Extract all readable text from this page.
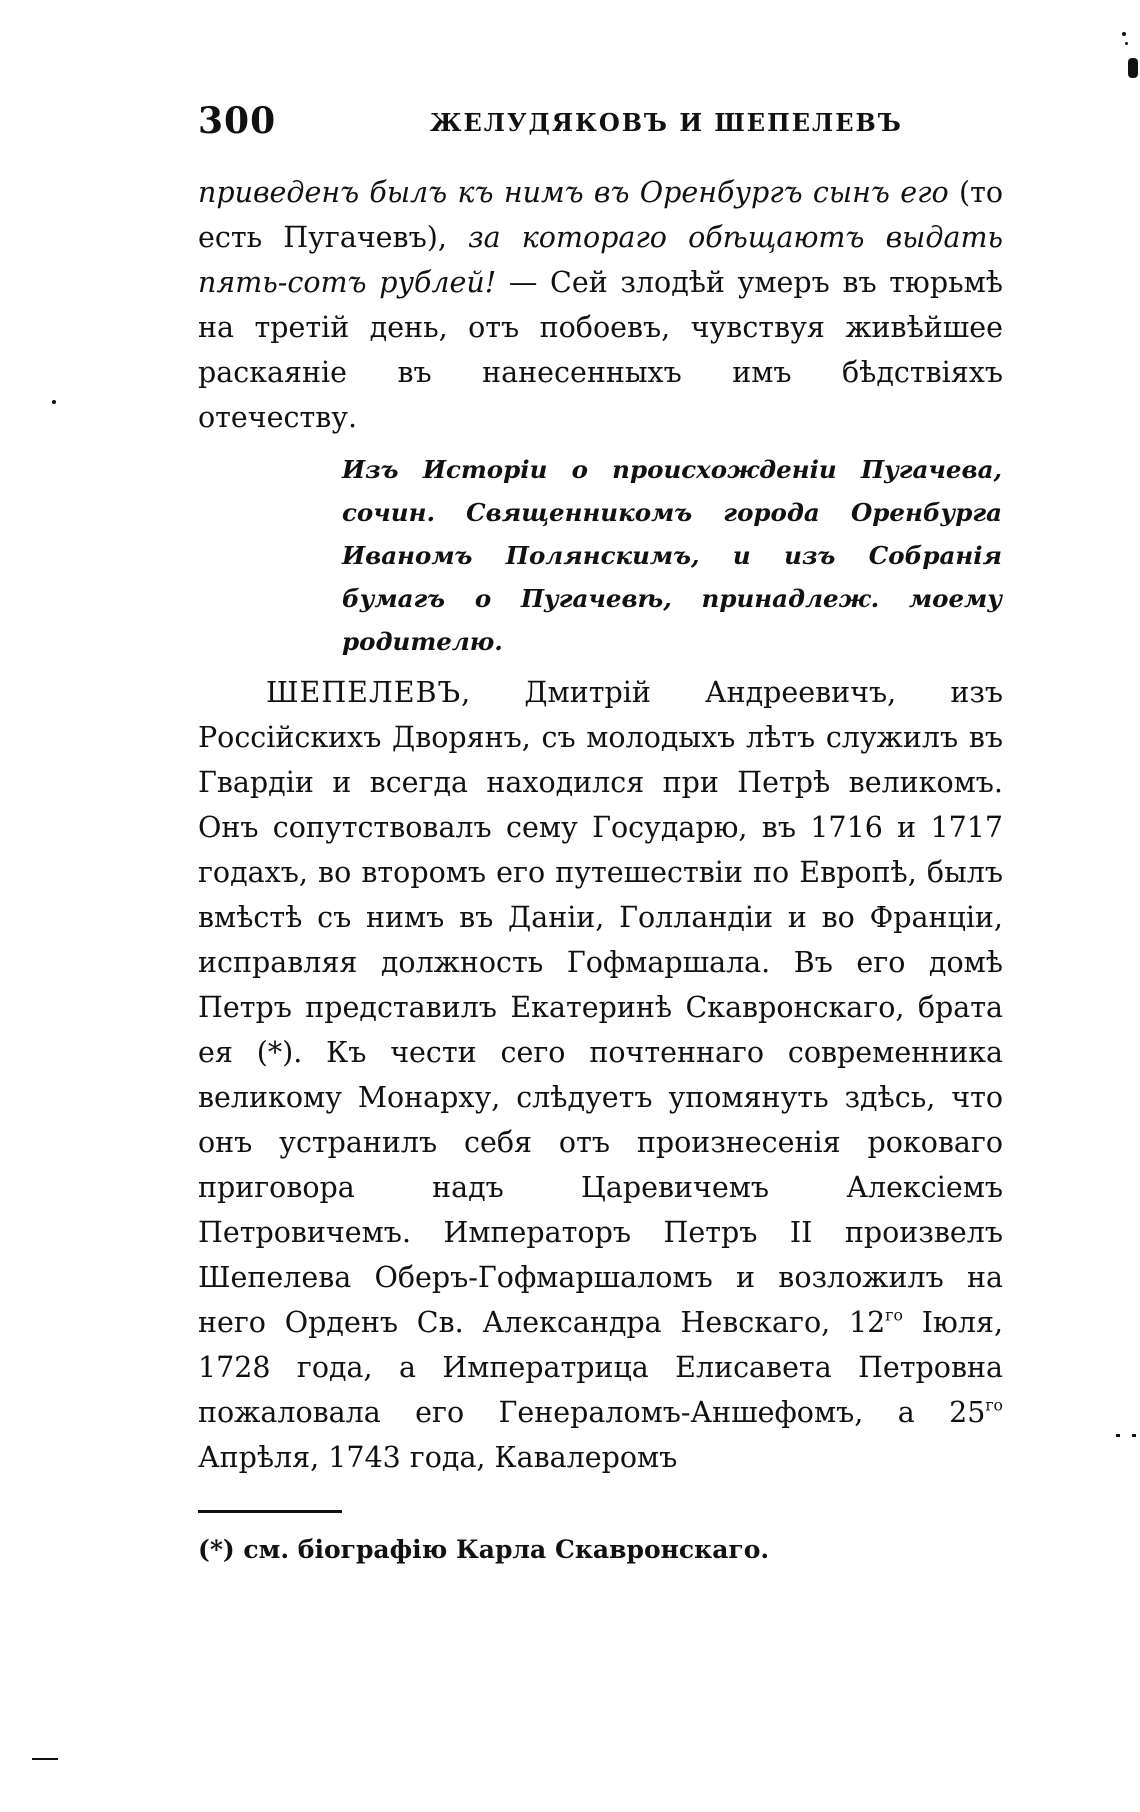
300	ЖЕЛУДЯКОВЪ И ШЕПЕЛЕВЪ

приведенъ былъ къ нимъ въ Оренбургъ сынъ его (то есть Пугачевъ), за котораго обѣщаютъ выдать пять-сотъ рублей! — Сей злодѣй умеръ въ тюрьмѣ на третій день, отъ побоевъ, чувствуя живѣйшее раскаяніе въ нанесенныхъ имъ бѣдствіяхъ отечеству.

Изъ Исторіи о происхожденіи Пугачева, сочин. Священникомъ города Оренбурга Иваномъ Полянскимъ, и изъ Собранія бумагъ о Пугачевѣ, принадлеж. моему родителю.

ШЕПЕЛЕВЪ, Дмитрій Андреевичъ, изъ Россійскихъ Дворянъ, съ молодыхъ лѣтъ служилъ въ Гвардіи и всегда находился при Петрѣ великомъ. Онъ сопутствовалъ сему Государю, въ 1716 и 1717 годахъ, во второмъ его путешествіи по Европѣ, былъ вмѣстѣ съ нимъ въ Даніи, Голландіи и во Франціи, исправляя должность Гофмаршала. Въ его домѣ Петръ представилъ Екатеринѣ Скавронскаго, брата ея (*). Къ чести сего почтеннаго современника великому Монарху, слѣдуетъ упомянуть здѣсь, что онъ устранилъ себя отъ произнесенія роковаго приговора надъ Царевичемъ Алексіемъ Петровичемъ. Императоръ Петръ II произвелъ Шепелева Оберъ-Гофмаршаломъ и возложилъ на него Орденъ Св. Александра Невскаго, $12^{го}$ Іюля, 1728 года, а Императрица Елисавета Петровна пожаловала его Генераломъ-Аншефомъ, а $25^{го}$ Апрѣля, 1743 года, Кавалеромъ

(*) см. біографію Карла Скавронскаго.
